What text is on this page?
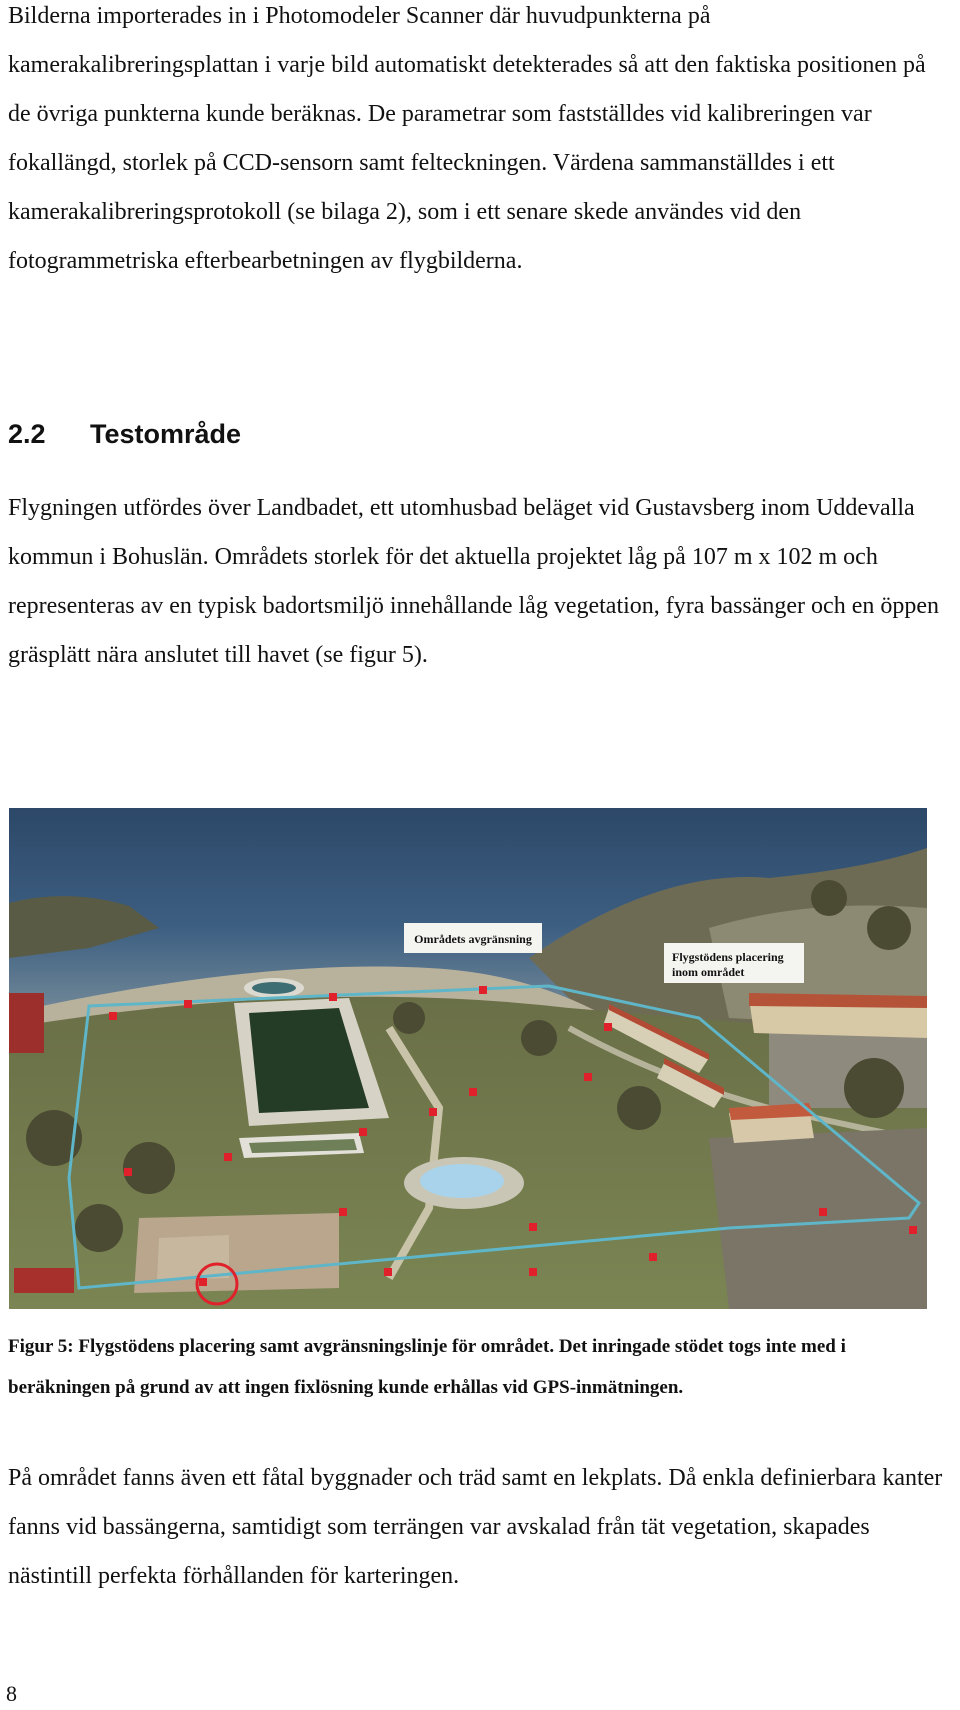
Bilderna importerades in i Photomodeler Scanner där huvudpunkterna på kamerakalibreringsplattan i varje bild automatiskt detekterades så att den faktiska positionen på de övriga punkterna kunde beräknas. De parametrar som fastställdes vid kalibreringen var fokallängd, storlek på CCD-sensorn samt felteckningen. Värdena sammanställdes i ett kamerakalibreringsprotokoll (se bilaga 2), som i ett senare skede användes vid den fotogrammetriska efterbearbetningen av flygbilderna.

2.2 Testområde

Flygningen utfördes över Landbadet, ett utomhusbad beläget vid Gustavsberg inom Uddevalla kommun i Bohuslän. Områdets storlek för det aktuella projektet låg på 107 m x 102 m och representeras av en typisk badortsmiljö innehållande låg vegetation, fyra bassänger och en öppen gräsplätt nära anslutet till havet (se figur 5).

Områdets avgränsning
Flygstödens placering
inom området

Figur 5: Flygstödens placering samt avgränsningslinje för området. Det inringade stödet togs inte med i beräkningen på grund av att ingen fixlösning kunde erhållas vid GPS-inmätningen.

På området fanns även ett fåtal byggnader och träd samt en lekplats. Då enkla definierbara kanter fanns vid bassängerna, samtidigt som terrängen var avskalad från tät vegetation, skapades nästintill perfekta förhållanden för karteringen.

8
